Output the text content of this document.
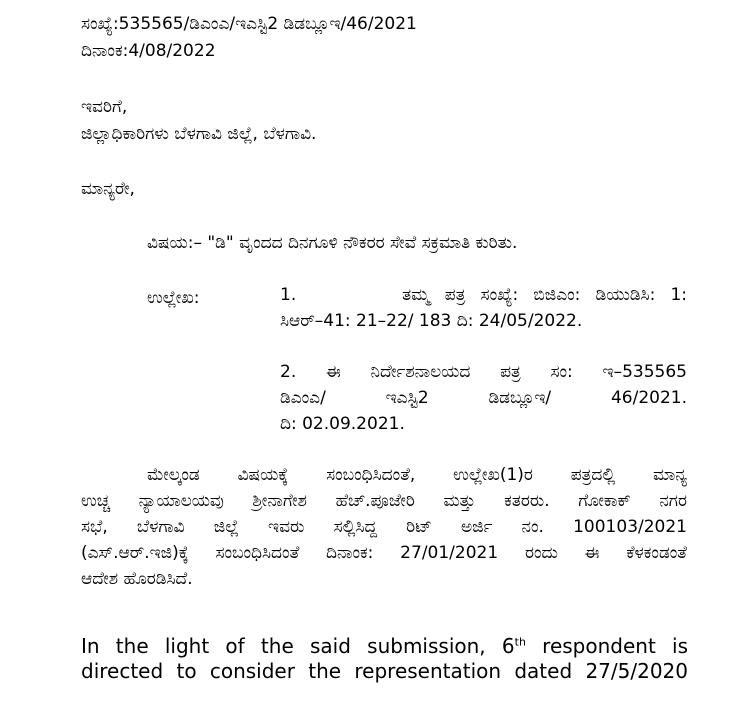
ಸಂಖ್ಯೆ:535565/ಡಿಎಂಎ/ಇಎಸ್ಟಿ2 ಡಿಡಬ್ಲೂಇ/46/2021
ದಿನಾಂಕ:4/08/2022
ಇವರಿಗೆ,
ಜಿಲ್ಲಾಧಿಕಾರಿಗಳು ಬೆಳಗಾವಿ ಜಿಲ್ಲೆ, ಬೆಳಗಾವಿ.
ಮಾನ್ಯರೇ,
ವಿಷಯ:– "ಡಿ" ವೃಂದದ ದಿನಗೂಳಿ ನೌಕರರ ಸೇವೆ ಸಕ್ರಮಾತಿ ಕುರಿತು.
ಉಲ್ಲೇಖ:	1.       ತಮ್ಮ ಪತ್ರ ಸಂಖ್ಯೆ: ಬಿಜಿಎಂ: ಡಿಯುಡಿಸಿ: 1:
ಸಿಆರ್–41: 21–22/ 183 ದಿ: 24/05/2022.
2. ಈ ನಿರ್ದೇಶನಾಲಯದ ಪತ್ರ ಸಂ: ಇ–535565
ಡಿಎಂಎ/ ಇಎಸ್ಟಿ2 ಡಿಡಬ್ಲೂಇ/ 46/2021.
ದಿ: 02.09.2021.
ಮೇಲ್ಕಂಡ ವಿಷಯಕ್ಕೆ ಸಂಬಂಧಿಸಿದಂತೆ, ಉಲ್ಲೇಖ(1)ರ ಪತ್ರದಲ್ಲಿ ಮಾನ್ಯ
ಉಚ್ಚ ನ್ಯಾಯಾಲಯವು ಶ್ರೀನಾಗೇಶ ಹೆಚ್.ಪೂಜೇರಿ ಮತ್ತು ಕತರರು. ಗೋಕಾಕ್ ನಗರ
ಸಭೆ, ಬೆಳಗಾವಿ ಜಿಲ್ಲೆ ಇವರು ಸಲ್ಲಿಸಿದ್ದ ರಿಟ್ ಅರ್ಜಿ ನಂ. 100103/2021
(ಎಸ್.ಆರ್.ಇಜಿ)ಕ್ಕೆ ಸಂಬಂಧಿಸಿದಂತೆ ದಿನಾಂಕ: 27/01/2021 ರಂದು ಈ ಕೆಳಕಂಡಂತೆ
ಆದೇಶ ಹೊರಡಿಸಿದೆ.
In the light of the said submission, 6th respondent is
directed to consider the representation dated 27/5/2020
